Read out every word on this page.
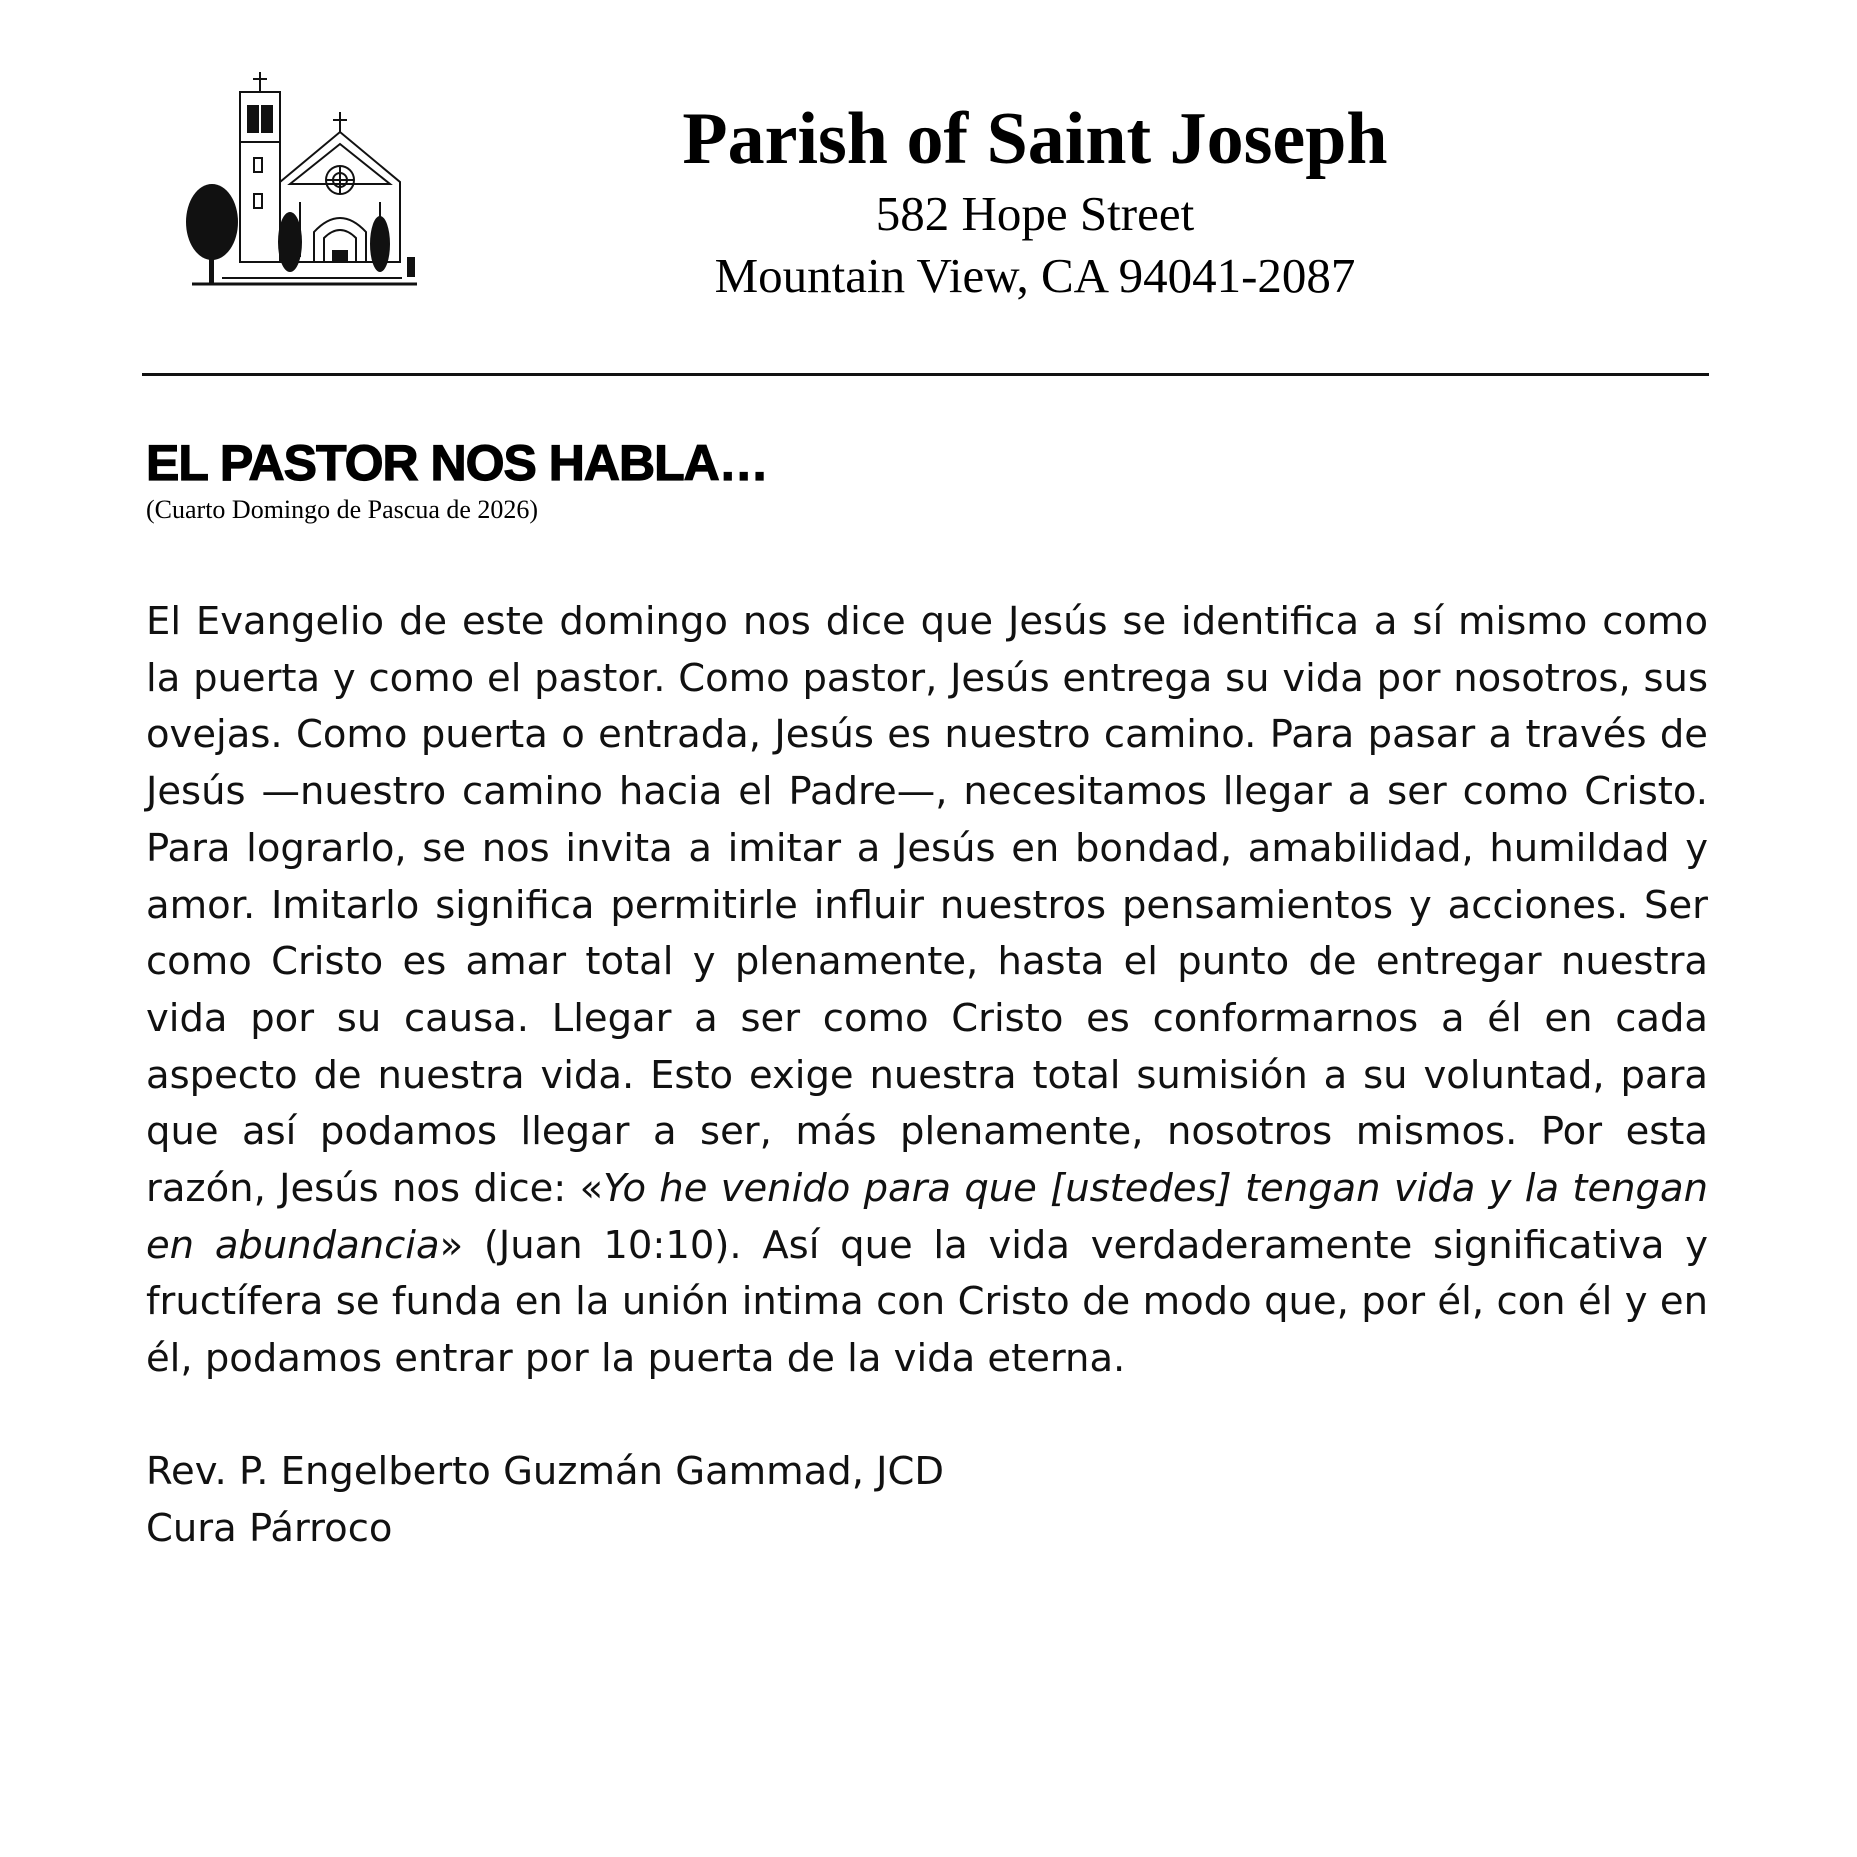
Parish of Saint Joseph
582 Hope Street
Mountain View, CA 94041-2087
EL PASTOR NOS HABLA…
(Cuarto Domingo de Pascua de 2026)

El Evangelio de este domingo nos dice que Jesús se identifica a sí mismo como la puerta y como el pastor. Como pastor, Jesús entrega su vida por nosotros, sus ovejas. Como puerta o entrada, Jesús es nuestro camino. Para pasar a través de Jesús —nuestro camino hacia el Padre—, necesitamos llegar a ser como Cristo. Para lograrlo, se nos invita a imitar a Jesús en bondad, amabilidad, humildad y amor. Imitarlo significa permitirle influir nuestros pensamientos y acciones. Ser como Cristo es amar total y plenamente, hasta el punto de entregar nuestra vida por su causa. Llegar a ser como Cristo es conformarnos a él en cada aspecto de nuestra vida. Esto exige nuestra total sumisión a su voluntad, para que así podamos llegar a ser, más plenamente, nosotros mismos. Por esta razón, Jesús nos dice: «Yo he venido para que [ustedes] tengan vida y la tengan en abundancia» (Juan 10:10). Así que la vida verdaderamente significativa y fructífera se funda en la unión intima con Cristo de modo que, por él, con él y en él, podamos entrar por la puerta de la vida eterna.

Rev. P. Engelberto Guzmán Gammad, JCD
Cura Párroco
